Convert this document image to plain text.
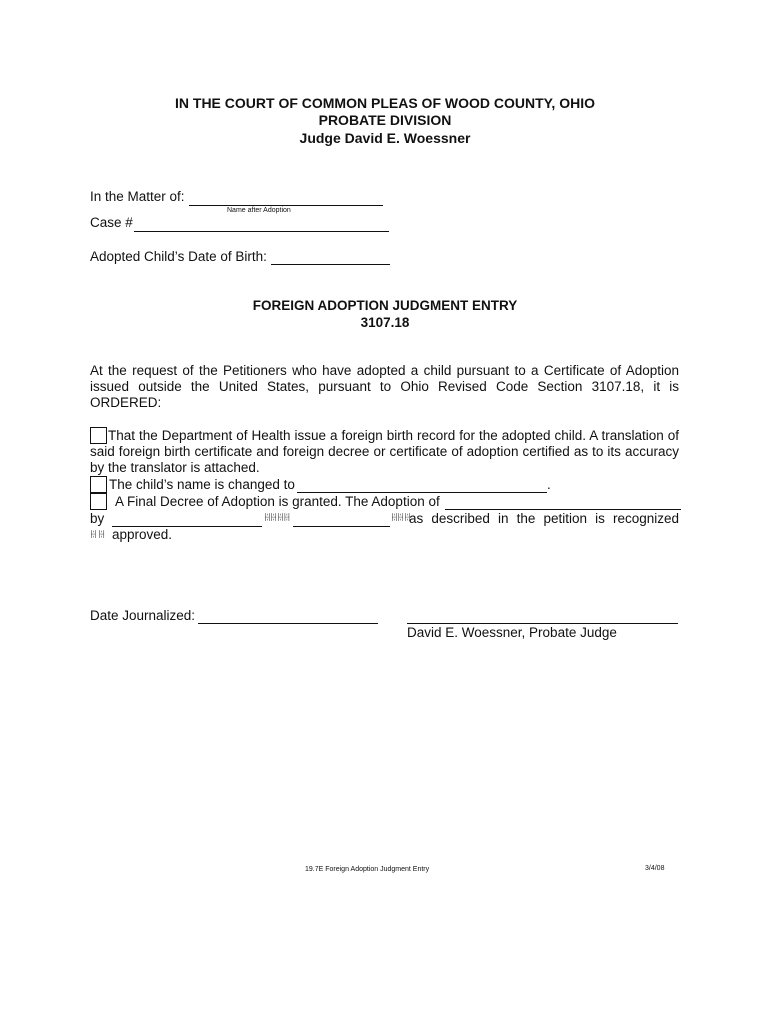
IN THE COURT OF COMMON PLEAS OF WOOD COUNTY, OHIO
PROBATE DIVISION
Judge David E. Woessner
In the Matter of:
Name after Adoption
Case #
Adopted Child’s Date of Birth:
FOREIGN ADOPTION JUDGMENT ENTRY
3107.18
At the request of the Petitioners who have adopted a child pursuant to a Certificate of Adoption
issued outside the United States, pursuant to Ohio Revised Code Section 3107.18, it is
ORDERED:
That the Department of Health issue a foreign birth record for the adopted child. A translation of
said foreign birth certificate and foreign decree or certificate of adoption certified as to its accuracy
by the translator is attached.
The child’s name is changed to	.
A Final Decree of Adoption is granted. The Adoption of
by	ꀍꀍꀍꀍ	ꀍꀍꀍ
as described in the petition is recognized
ꀍ ꀍ approved.
Date Journalized:
David E. Woessner, Probate Judge
19.7E Foreign Adoption Judgment Entry	3/4/08
